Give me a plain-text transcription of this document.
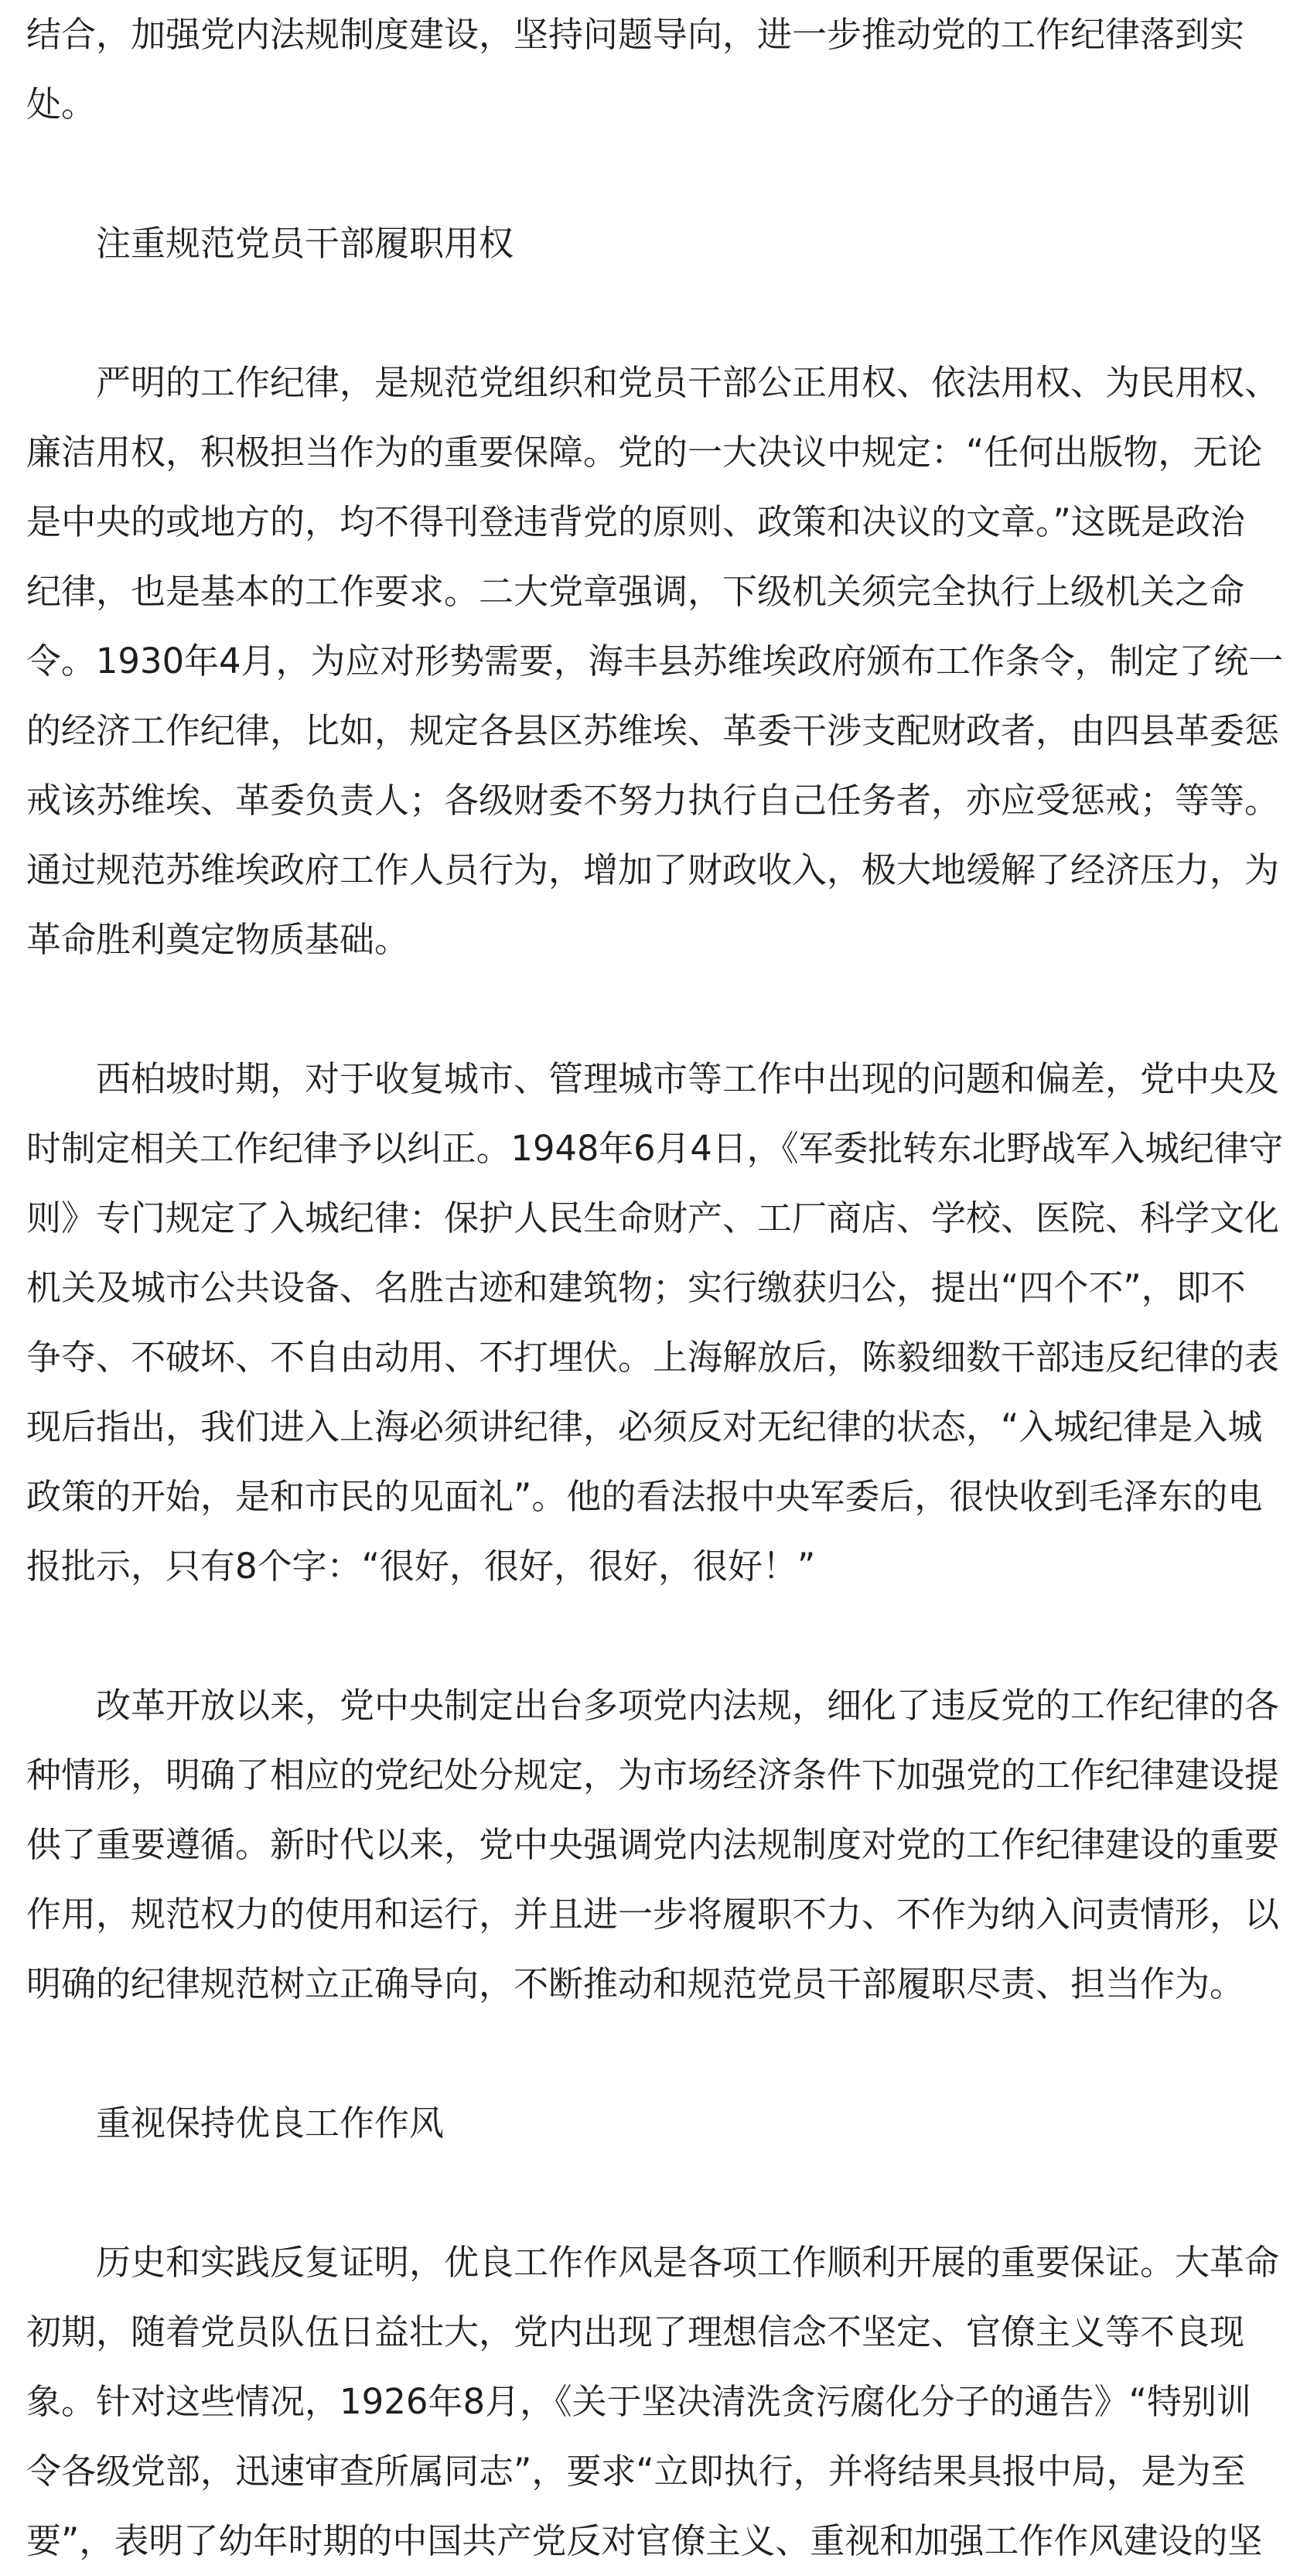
结合，加强党内法规制度建设，坚持问题导向，进一步推动党的工作纪律落到实
处。
注重规范党员干部履职用权
严明的工作纪律，是规范党组织和党员干部公正用权、依法用权、为民用权、
廉洁用权，积极担当作为的重要保障。党的一大决议中规定：“任何出版物，无论
是中央的或地方的，均不得刊登违背党的原则、政策和决议的文章。”这既是政治
纪律，也是基本的工作要求。二大党章强调，下级机关须完全执行上级机关之命
令。1930年4月，为应对形势需要，海丰县苏维埃政府颁布工作条令，制定了统一
的经济工作纪律，比如，规定各县区苏维埃、革委干涉支配财政者，由四县革委惩
戒该苏维埃、革委负责人；各级财委不努力执行自己任务者，亦应受惩戒；等等。
通过规范苏维埃政府工作人员行为，增加了财政收入，极大地缓解了经济压力，为
革命胜利奠定物质基础。
西柏坡时期，对于收复城市、管理城市等工作中出现的问题和偏差，党中央及
时制定相关工作纪律予以纠正。1948年6月4日，《军委批转东北野战军入城纪律守
则》专门规定了入城纪律：保护人民生命财产、工厂商店、学校、医院、科学文化
机关及城市公共设备、名胜古迹和建筑物；实行缴获归公，提出“四个不”，即不
争夺、不破坏、不自由动用、不打埋伏。上海解放后，陈毅细数干部违反纪律的表
现后指出，我们进入上海必须讲纪律，必须反对无纪律的状态，“入城纪律是入城
政策的开始，是和市民的见面礼”。他的看法报中央军委后，很快收到毛泽东的电
报批示，只有8个字：“很好，很好，很好，很好！”
改革开放以来，党中央制定出台多项党内法规，细化了违反党的工作纪律的各
种情形，明确了相应的党纪处分规定，为市场经济条件下加强党的工作纪律建设提
供了重要遵循。新时代以来，党中央强调党内法规制度对党的工作纪律建设的重要
作用，规范权力的使用和运行，并且进一步将履职不力、不作为纳入问责情形，以
明确的纪律规范树立正确导向，不断推动和规范党员干部履职尽责、担当作为。
重视保持优良工作作风
历史和实践反复证明，优良工作作风是各项工作顺利开展的重要保证。大革命
初期，随着党员队伍日益壮大，党内出现了理想信念不坚定、官僚主义等不良现
象。针对这些情况，1926年8月，《关于坚决清洗贪污腐化分子的通告》“特别训
令各级党部，迅速审查所属同志”，要求“立即执行，并将结果具报中局，是为至
要”，表明了幼年时期的中国共产党反对官僚主义、重视和加强工作作风建设的坚
